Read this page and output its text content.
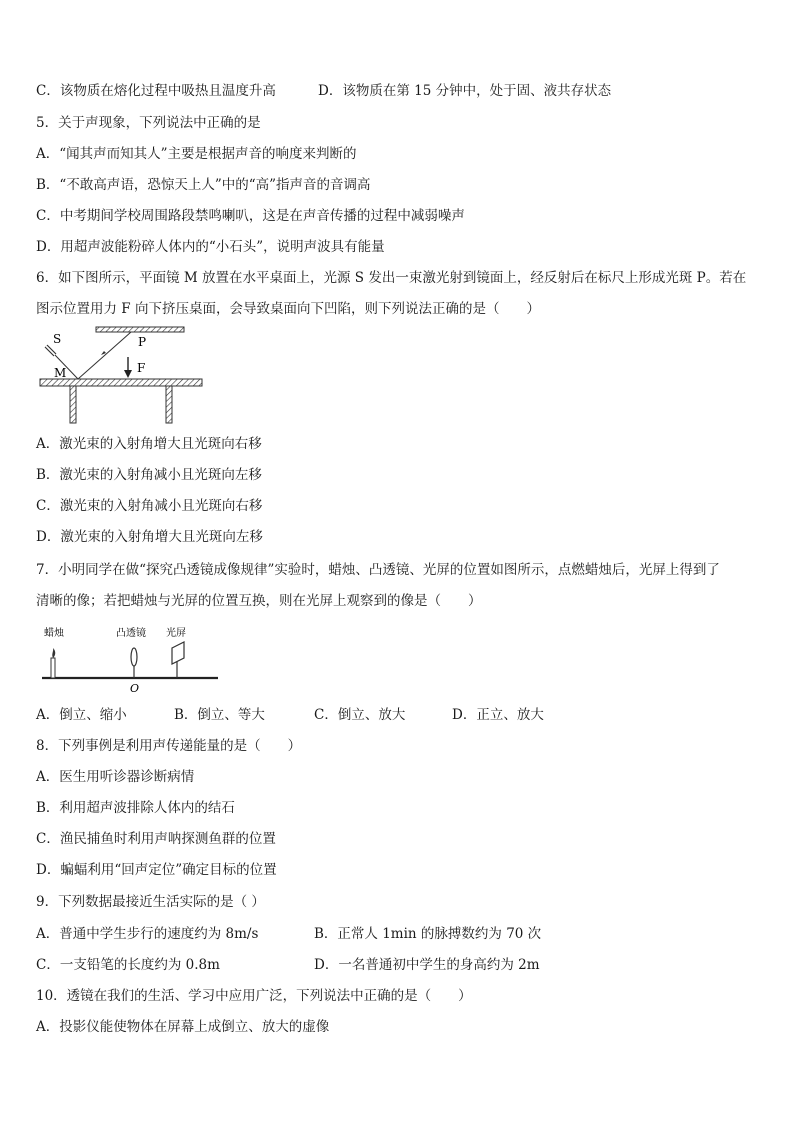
C．该物质在熔化过程中吸热且温度升高	D．该物质在第 15 分钟中，处于固、液共存状态
5．关于声现象，下列说法中正确的是
A．“闻其声而知其人”主要是根据声音的响度来判断的
B．“不敢高声语，恐惊天上人”中的“高”指声音的音调高
C．中考期间学校周围路段禁鸣喇叭，这是在声音传播的过程中减弱噪声
D．用超声波能粉碎人体内的“小石头”，说明声波具有能量
6．如下图所示，平面镜 M 放置在水平桌面上，光源 S 发出一束激光射到镜面上，经反射后在标尺上形成光斑 P。若在
图示位置用力 F 向下挤压桌面，会导致桌面向下凹陷，则下列说法正确的是（　　）
S	P
M	F
A．激光束的入射角增大且光斑向右移
B．激光束的入射角减小且光斑向左移
C．激光束的入射角减小且光斑向右移
D．激光束的入射角增大且光斑向左移
7．小明同学在做“探究凸透镜成像规律”实验时，蜡烛、凸透镜、光屏的位置如图所示，点燃蜡烛后，光屏上得到了
清晰的像；若把蜡烛与光屏的位置互换，则在光屏上观察到的像是（　　）
蜡烛	凸透镜 光屏
O
A．倒立、缩小	B．倒立、等大	C．倒立、放大	D．正立、放大
8．下列事例是利用声传递能量的是（　　）
A．医生用听诊器诊断病情
B．利用超声波排除人体内的结石
C．渔民捕鱼时利用声呐探测鱼群的位置
D．蝙蝠利用“回声定位”确定目标的位置
9．下列数据最接近生活实际的是（ ）
A．普通中学生步行的速度约为 8m/s	B．正常人 1min 的脉搏数约为 70 次
C．一支铅笔的长度约为 0.8m	D．一名普通初中学生的身高约为 2m
10．透镜在我们的生活、学习中应用广泛，下列说法中正确的是（　　）
A．投影仪能使物体在屏幕上成倒立、放大的虚像
